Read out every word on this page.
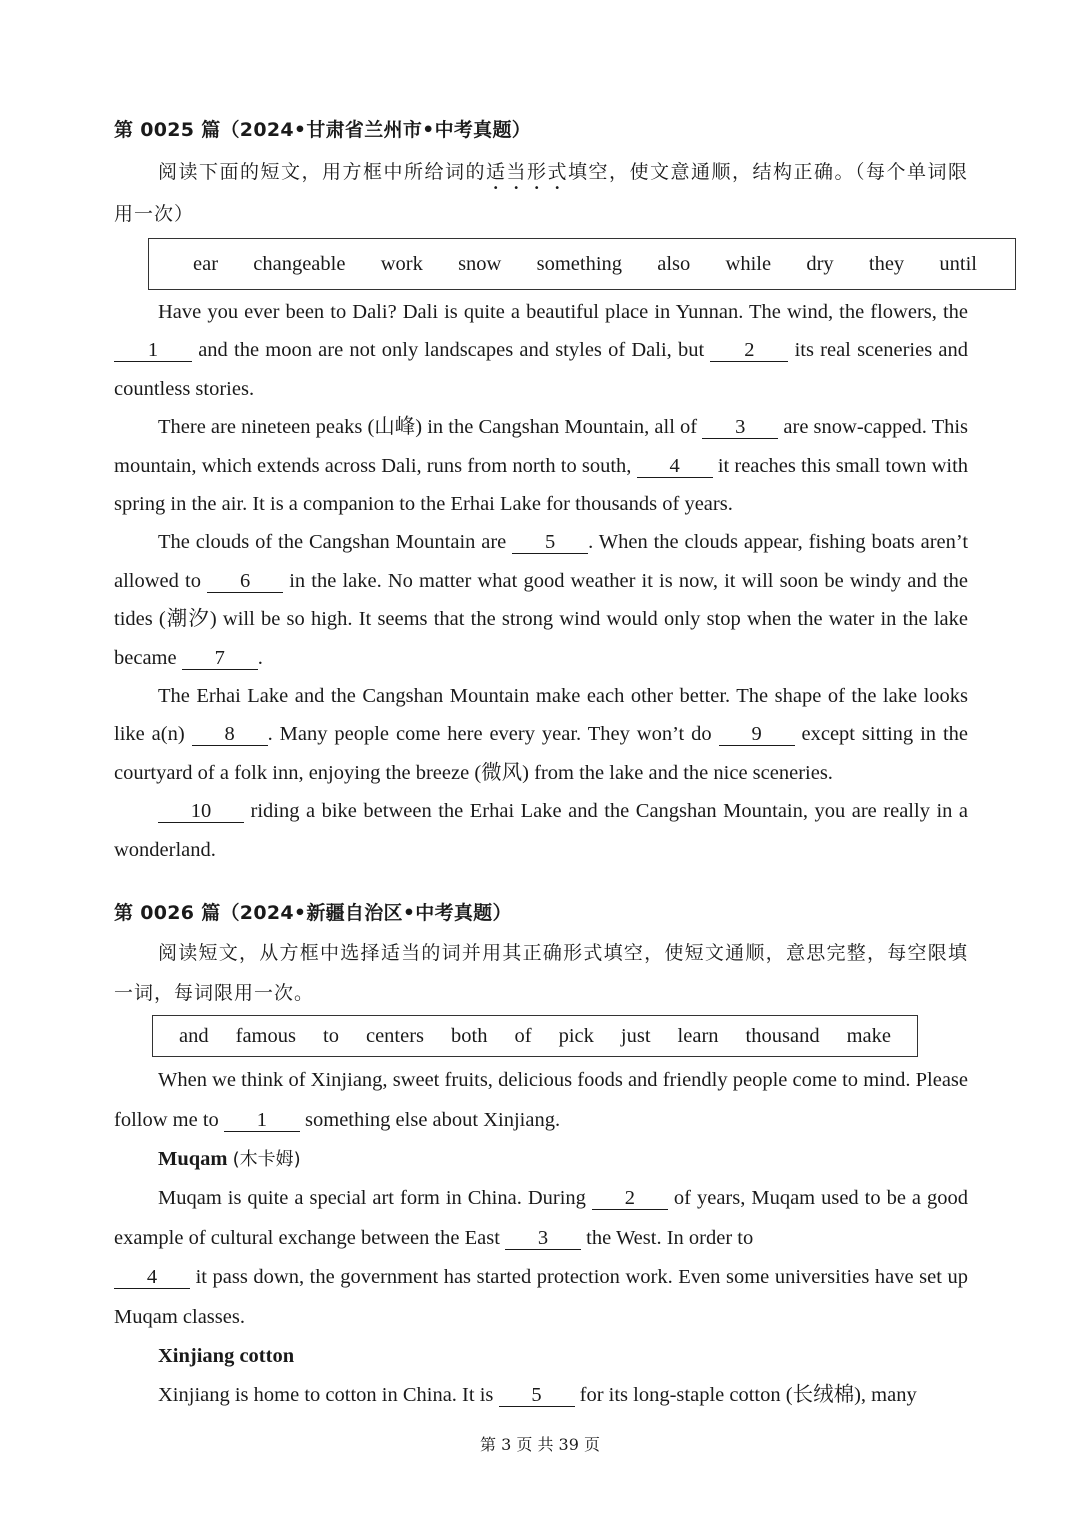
第 0025 篇（2024•甘肃省兰州市•中考真题）

阅读下面的短文，用方框中所给词的适当形式填空，使文意通顺，结构正确。（每个单词限用一次）

ear changeable work snow something also while dry they until

Have you ever been to Dali? Dali is quite a beautiful place in Yunnan. The wind, the flowers, the 1 and the moon are not only landscapes and styles of Dali, but 2 its real sceneries and countless stories.

There are nineteen peaks (山峰) in the Cangshan Mountain, all of 3 are snow-capped. This mountain, which extends across Dali, runs from north to south, 4 it reaches this small town with spring in the air. It is a companion to the Erhai Lake for thousands of years.

The clouds of the Cangshan Mountain are 5 . When the clouds appear, fishing boats aren’t allowed to 6 in the lake. No matter what good weather it is now, it will soon be windy and the tides (潮汐) will be so high. It seems that the strong wind would only stop when the water in the lake became 7 .

The Erhai Lake and the Cangshan Mountain make each other better. The shape of the lake looks like a(n) 8 . Many people come here every year. They won’t do 9 except sitting in the courtyard of a folk inn, enjoying the breeze (微风) from the lake and the nice sceneries.

10 riding a bike between the Erhai Lake and the Cangshan Mountain, you are really in a wonderland.

第 0026 篇（2024•新疆自治区•中考真题）

阅读短文，从方框中选择适当的词并用其正确形式填空，使短文通顺，意思完整，每空限填一词，每词限用一次。

and famous to centers both of pick just learn thousand make

When we think of Xinjiang, sweet fruits, delicious foods and friendly people come to mind. Please follow me to 1 something else about Xinjiang.

Muqam (木卡姆)

Muqam is quite a special art form in China. During 2 of years, Muqam used to be a good example of cultural exchange between the East 3 the West. In order to
4 it pass down, the government has started protection work. Even some universities have set up Muqam classes.

Xinjiang cotton

Xinjiang is home to cotton in China. It is 5 for its long-staple cotton (长绒棉), many

第 3 页 共 39 页
